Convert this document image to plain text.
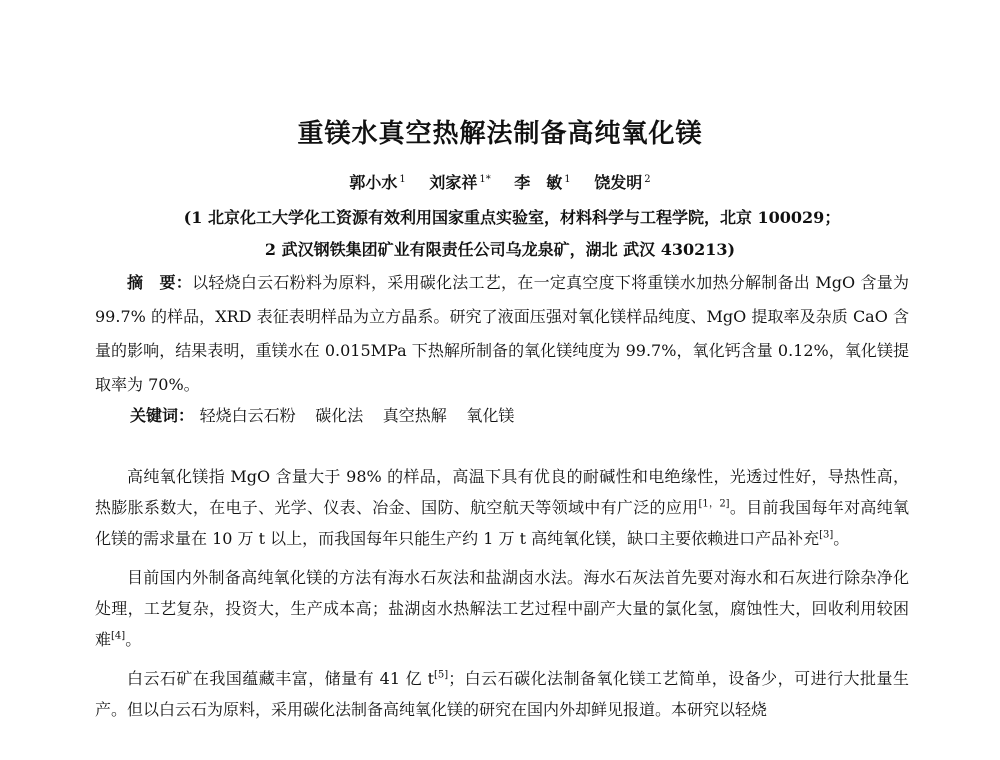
重镁水真空热解法制备高纯氧化镁
郭小水 $^1$ 刘家祥 $^{1*}$ 李　敏 $^1$ 饶发明 $^2$
(1 北京化工大学化工资源有效利用国家重点实验室，材料科学与工程学院，北京 100029；
2 武汉钢铁集团矿业有限责任公司乌龙泉矿，湖北 武汉 430213)

摘　要：以轻烧白云石粉料为原料，采用碳化法工艺，在一定真空度下将重镁水加热分解制备出 MgO 含量为 99.7% 的样品，XRD 表征表明样品为立方晶系。研究了液面压强对氧化镁样品纯度、MgO 提取率及杂质 CaO 含量的影响，结果表明，重镁水在 0.015MPa 下热解所制备的氧化镁纯度为 99.7%，氧化钙含量 0.12%，氧化镁提取率为 70%。

关键词： 轻烧白云石粉 碳化法 真空热解 氧化镁

高纯氧化镁指 MgO 含量大于 98% 的样品，高温下具有优良的耐碱性和电绝缘性，光透过性好，导热性高，热膨胀系数大，在电子、光学、仪表、冶金、国防、航空航天等领域中有广泛的应用[1，2]。目前我国每年对高纯氧化镁的需求量在 10 万 t 以上，而我国每年只能生产约 1 万 t 高纯氧化镁，缺口主要依赖进口产品补充[3]。

目前国内外制备高纯氧化镁的方法有海水石灰法和盐湖卤水法。海水石灰法首先要对海水和石灰进行除杂净化处理，工艺复杂，投资大，生产成本高；盐湖卤水热解法工艺过程中副产大量的氯化氢，腐蚀性大，回收利用较困难[4]。

白云石矿在我国蕴藏丰富，储量有 41 亿 t[5]；白云石碳化法制备氧化镁工艺简单，设备少，可进行大批量生产。但以白云石为原料，采用碳化法制备高纯氧化镁的研究在国内外却鲜见报道。本研究以轻烧
